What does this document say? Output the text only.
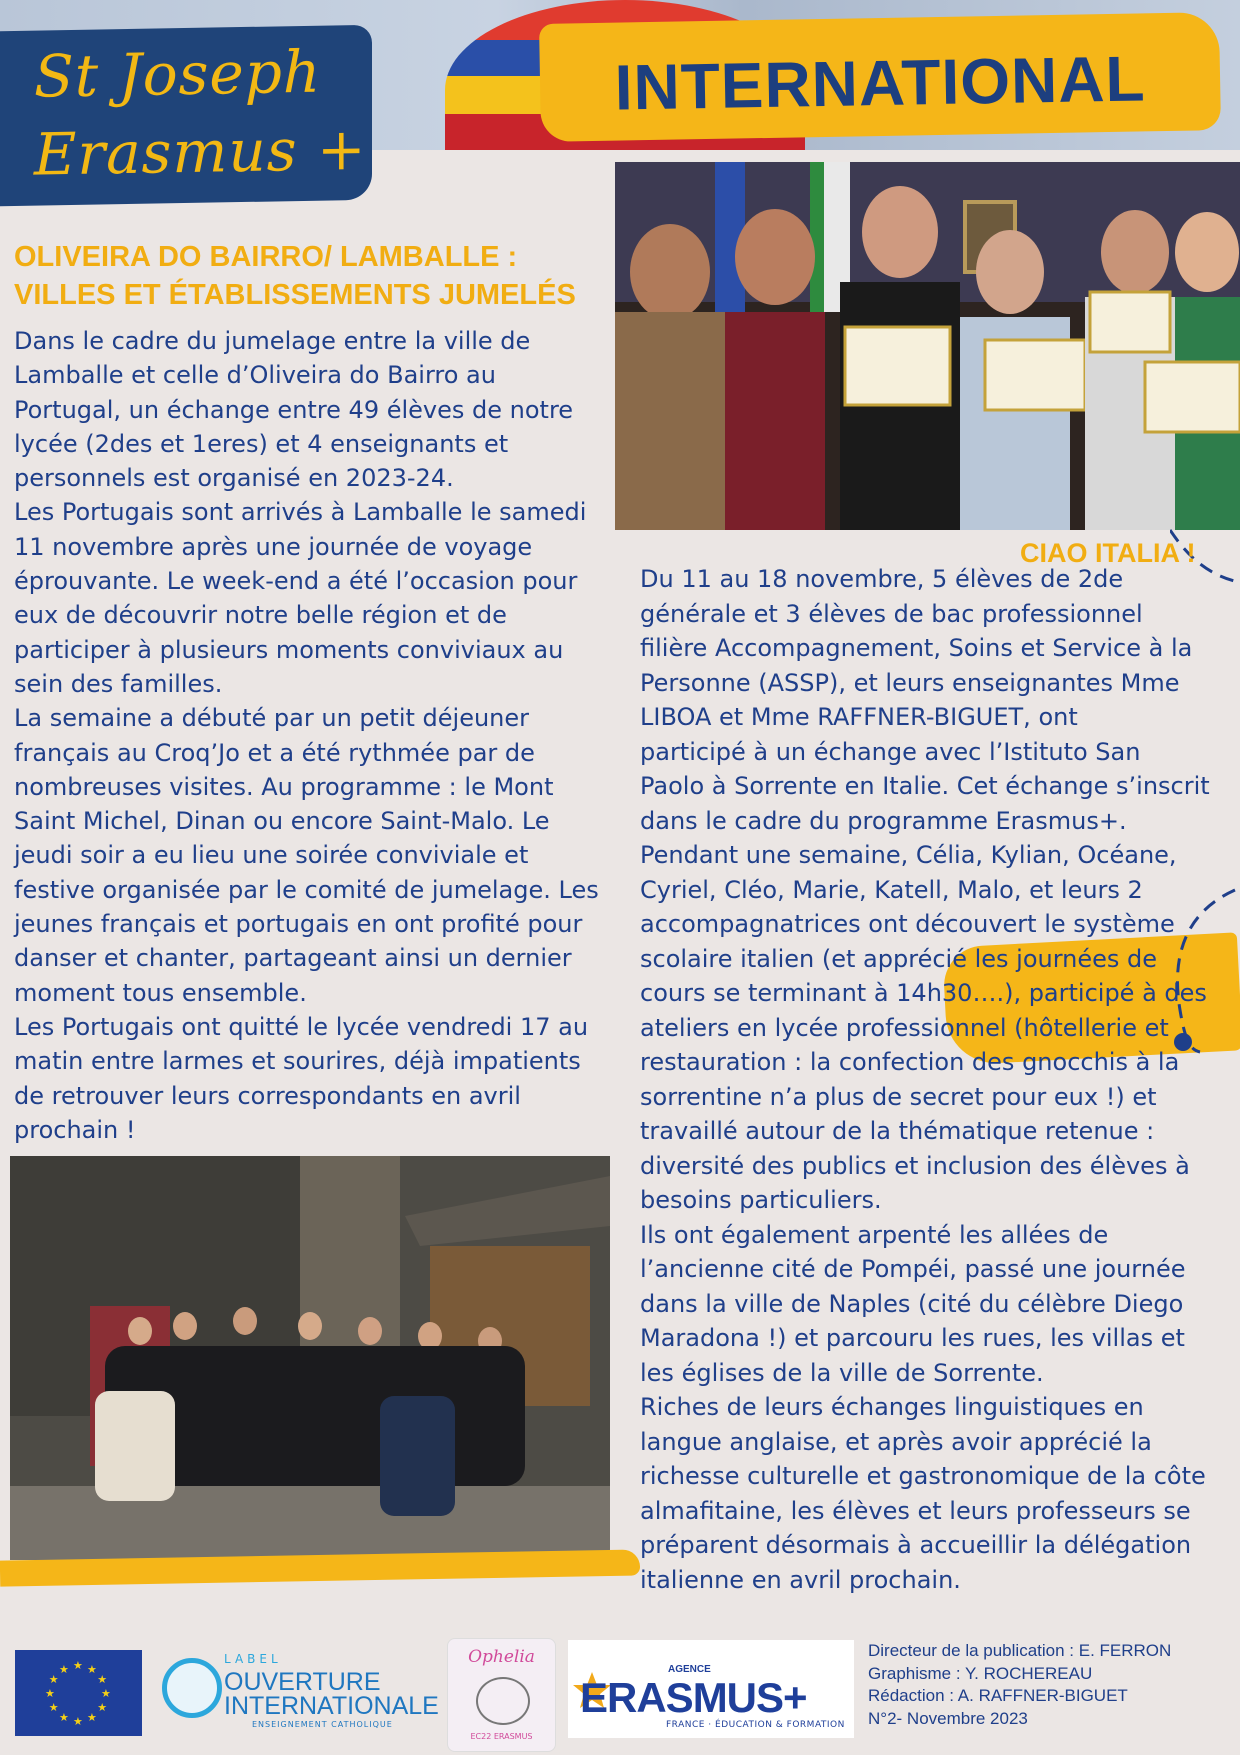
St Joseph
Erasmus +
INTERNATIONAL
OLIVEIRA DO BAIRRO/ LAMBALLE :
VILLES ET ÉTABLISSEMENTS JUMELÉS
Dans le cadre du jumelage entre la ville de
Lamballe et celle d’Oliveira do Bairro au
Portugal, un échange entre 49 élèves de notre
lycée (2des et 1eres) et 4 enseignants et
personnels est organisé en 2023-24.
Les Portugais sont arrivés à Lamballe le samedi
11 novembre après une journée de voyage
éprouvante. Le week-end a été l’occasion pour
eux de découvrir notre belle région et de
participer à plusieurs moments conviviaux au
sein des familles.
La semaine a débuté par un petit déjeuner
français au Croq’Jo et a été rythmée par de
nombreuses visites. Au programme : le Mont
Saint Michel, Dinan ou encore Saint-Malo. Le
jeudi soir a eu lieu une soirée conviviale et
festive organisée par le comité de jumelage. Les
jeunes français et portugais en ont profité pour
danser et chanter, partageant ainsi un dernier
moment tous ensemble.
Les Portugais ont quitté le lycée vendredi 17 au
matin entre larmes et sourires, déjà impatients
de retrouver leurs correspondants en avril
prochain !
CIAO ITALIA !
Du 11 au 18 novembre, 5 élèves de 2de
générale et 3 élèves de bac professionnel
filière Accompagnement, Soins et Service à la
Personne (ASSP), et leurs enseignantes Mme
LIBOA et Mme RAFFNER-BIGUET, ont
participé à un échange avec l’Istituto San
Paolo à Sorrente en Italie. Cet échange s’inscrit
dans le cadre du programme Erasmus+.
Pendant une semaine, Célia, Kylian, Océane,
Cyriel, Cléo, Marie, Katell, Malo, et leurs 2
accompagnatrices ont découvert le système
scolaire italien (et apprécié les journées de
cours se terminant à 14h30….), participé à des
ateliers en lycée professionnel (hôtellerie et
restauration : la confection des gnocchis à la
sorrentine n’a plus de secret pour eux !) et
travaillé autour de la thématique retenue :
diversité des publics et inclusion des élèves à
besoins particuliers.
Ils ont également arpenté les allées de
l’ancienne cité de Pompéi, passé une journée
dans la ville de Naples (cité du célèbre Diego
Maradona !) et parcouru les rues, les villas et
les églises de la ville de Sorrente.
Riches de leurs échanges linguistiques en
langue anglaise, et après avoir apprécié la
richesse culturelle et gastronomique de la côte
almafitaine, les élèves et leurs professeurs se
préparent désormais à accueillir la délégation
italienne en avril prochain.
★ ★
★
★
★
★
★
★
★
★
★
★
LABEL
OUVERTURE
INTERNATIONALE
ENSEIGNEMENT CATHOLIQUE
Ophelia
EC22 ERASMUS
AGENCE
ERASMUS+
FRANCE · ÉDUCATION & FORMATION
Directeur de la publication : E. FERRON
Graphisme : Y. ROCHEREAU
Rédaction : A. RAFFNER-BIGUET
N°2- Novembre 2023
